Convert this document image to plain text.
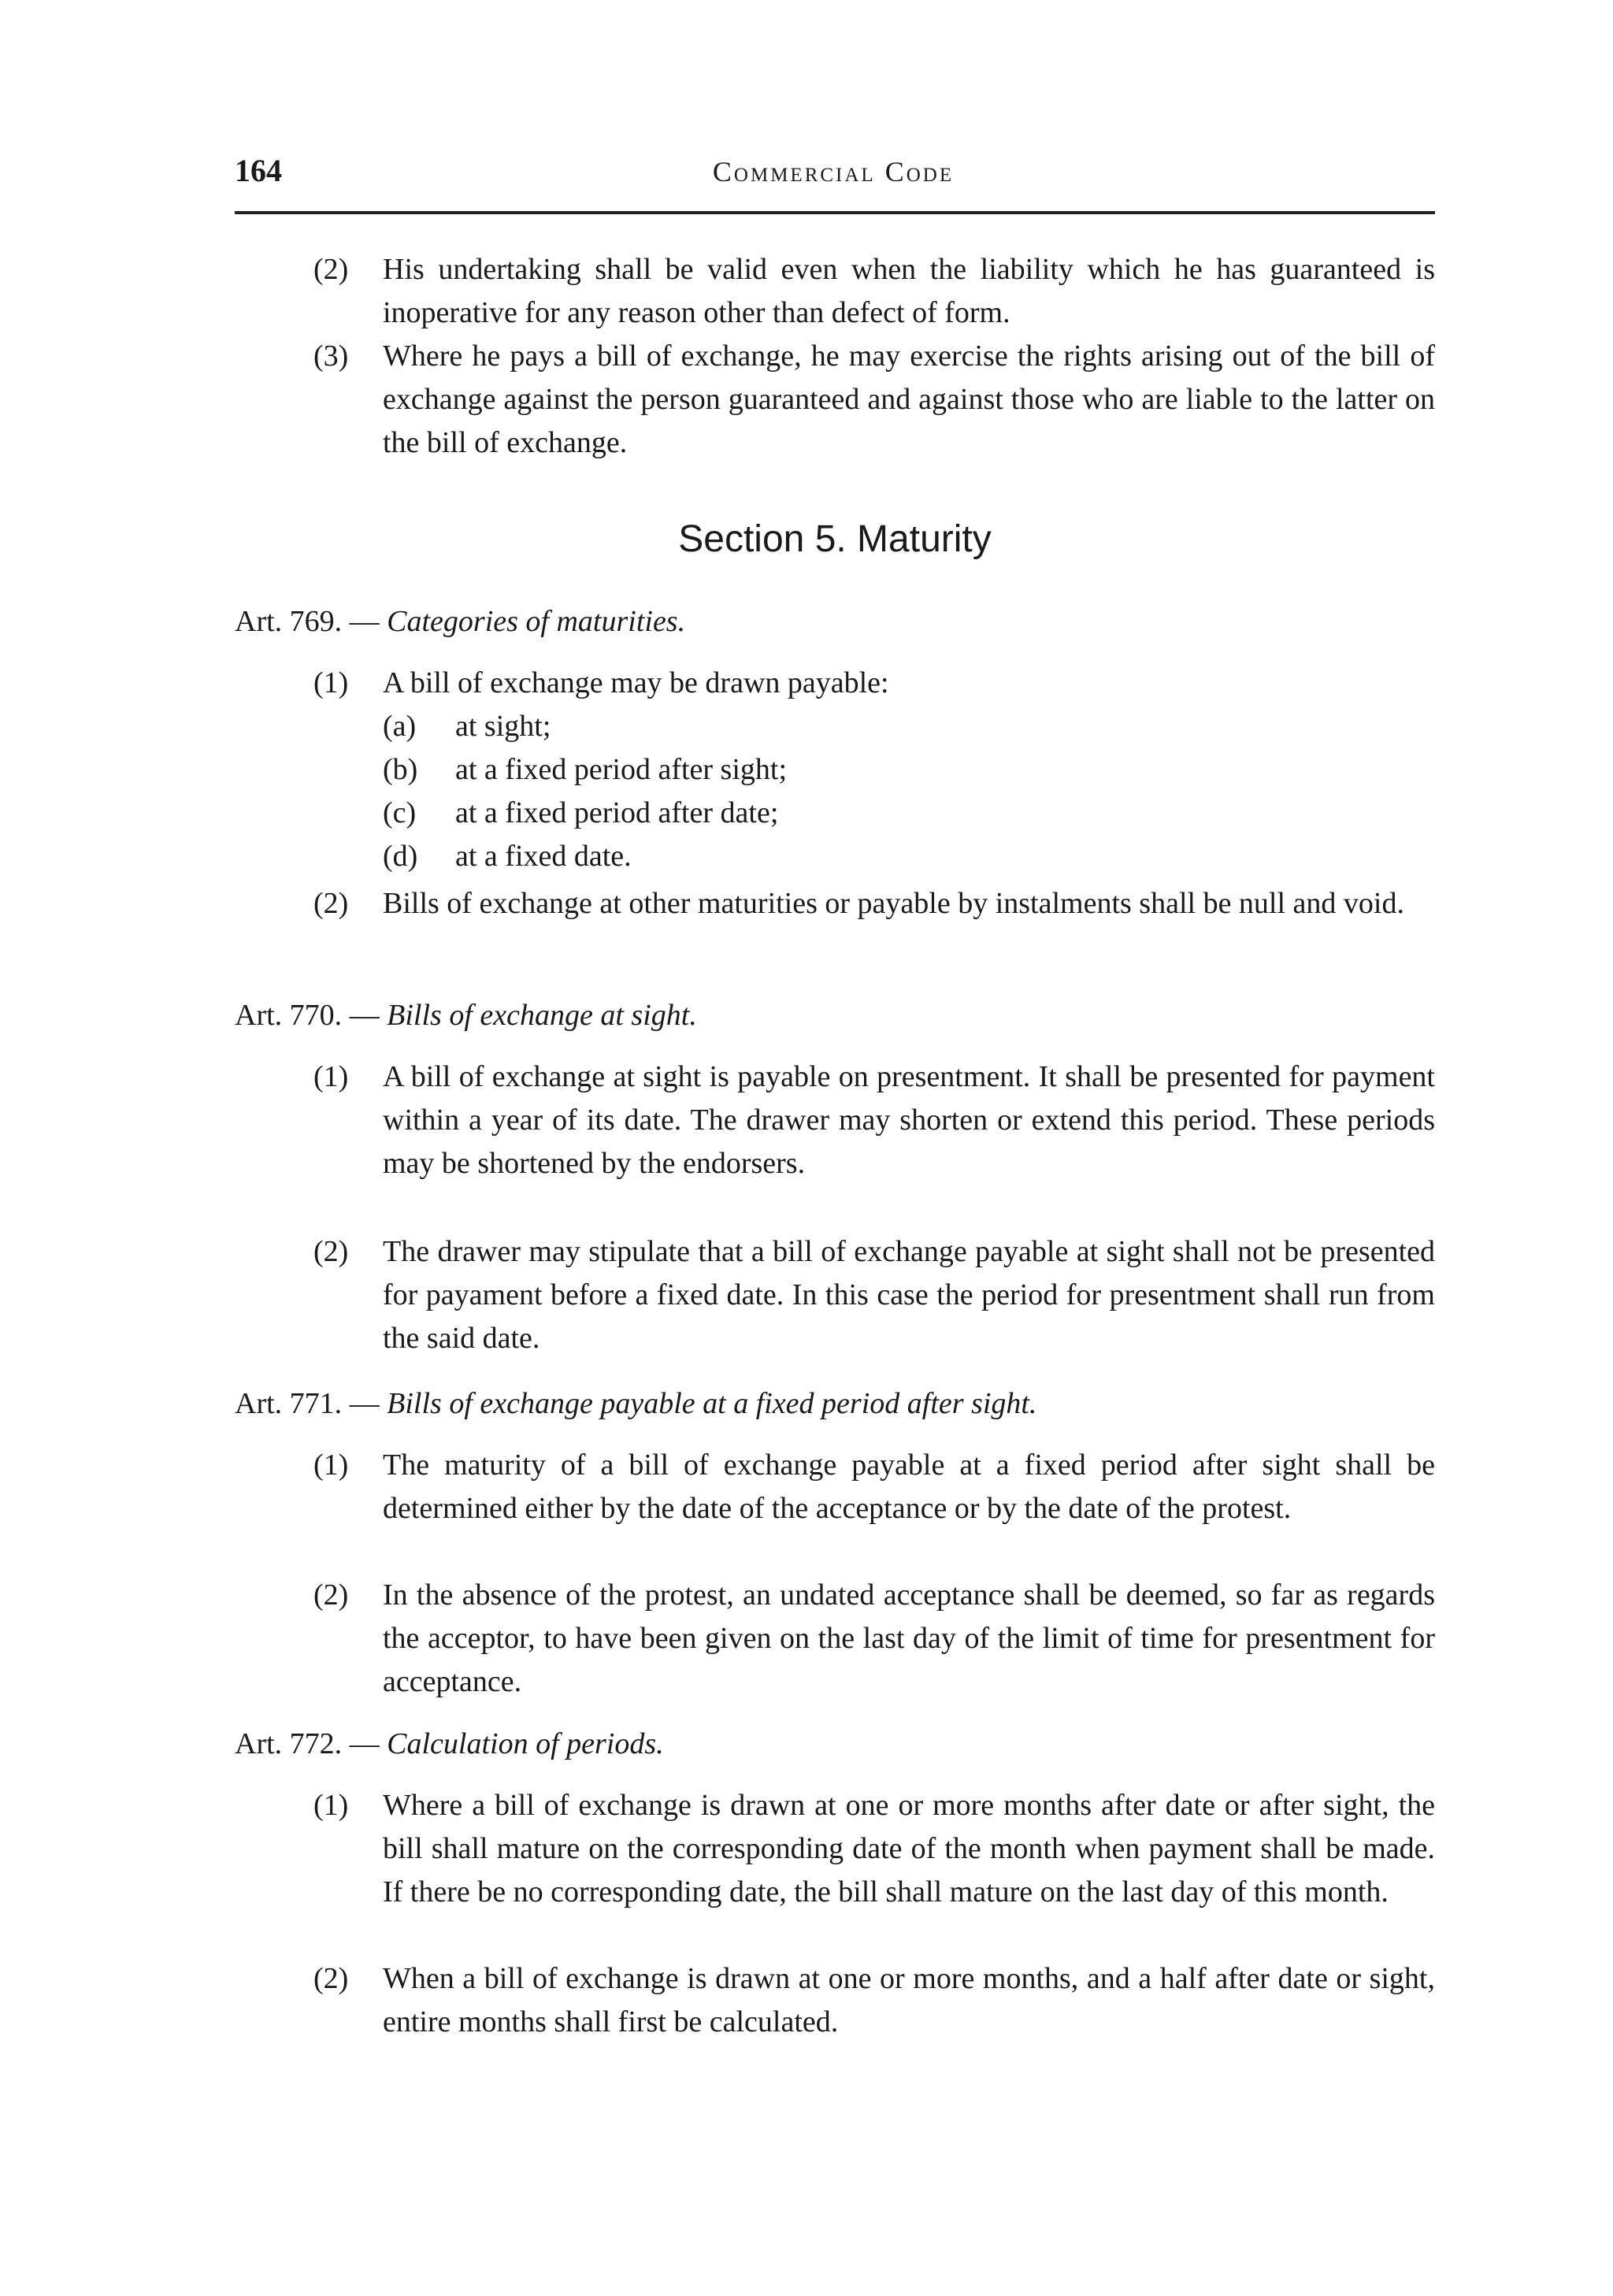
164	Commercial Code
(2) His undertaking shall be valid even when the liability which he has guaranteed is inoperative for any reason other than defect of form.
(3) Where he pays a bill of exchange, he may exercise the rights arising out of the bill of exchange against the person guaranteed and against those who are liable to the latter on the bill of exchange.
Section 5. Maturity
Art. 769. — Categories of maturities.
(1) A bill of exchange may be drawn payable:
(a) at sight;
(b) at a fixed period after sight;
(c) at a fixed period after date;
(d) at a fixed date.
(2) Bills of exchange at other maturities or payable by instalments shall be null and void.
Art. 770. — Bills of exchange at sight.
(1) A bill of exchange at sight is payable on presentment. It shall be presented for payment within a year of its date. The drawer may shorten or extend this period. These periods may be shortened by the endorsers.
(2) The drawer may stipulate that a bill of exchange payable at sight shall not be presented for payament before a fixed date. In this case the period for presentment shall run from the said date.
Art. 771. — Bills of exchange payable at a fixed period after sight.
(1) The maturity of a bill of exchange payable at a fixed period after sight shall be determined either by the date of the acceptance or by the date of the protest.
(2) In the absence of the protest, an undated acceptance shall be deemed, so far as regards the acceptor, to have been given on the last day of the limit of time for presentment for acceptance.
Art. 772. — Calculation of periods.
(1) Where a bill of exchange is drawn at one or more months after date or after sight, the bill shall mature on the corresponding date of the month when payment shall be made. If there be no corresponding date, the bill shall mature on the last day of this month.
(2) When a bill of exchange is drawn at one or more months, and a half after date or sight, entire months shall first be calculated.
